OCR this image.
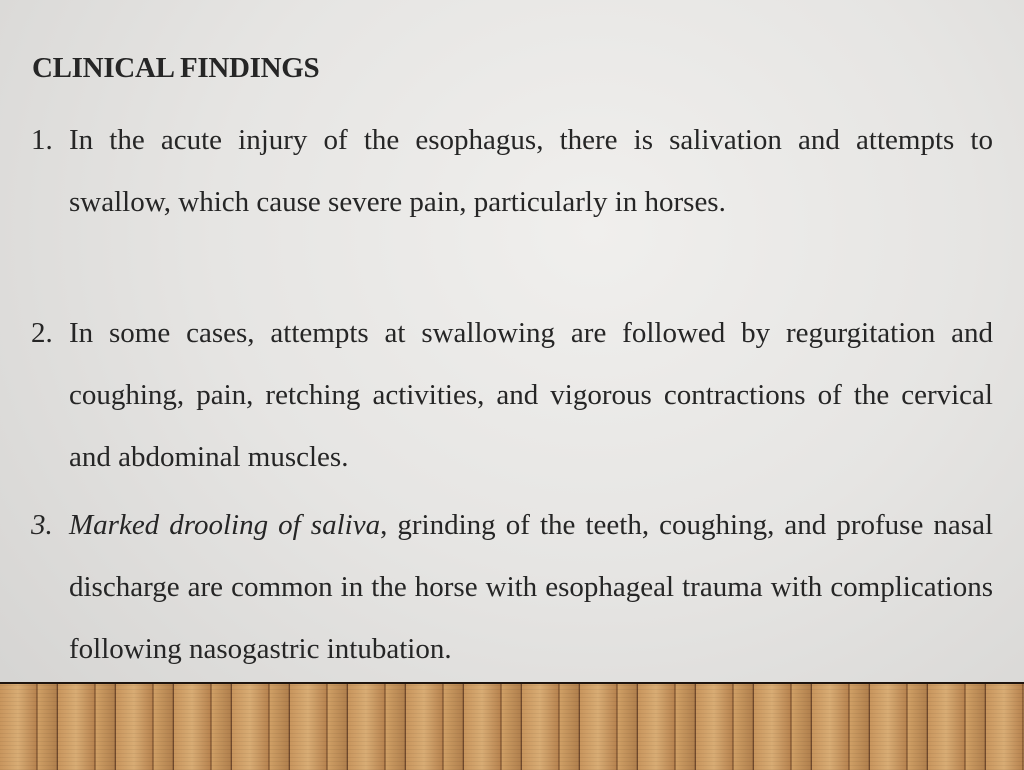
CLINICAL FINDINGS
1. In the acute injury of the esophagus, there is salivation and attempts to swallow, which cause severe pain, particularly in horses.
2. In some cases, attempts at swallowing are followed by regurgitation and coughing, pain, retching activities, and vigorous contractions of the cervical and abdominal muscles.
3. Marked drooling of saliva, grinding of the teeth, coughing, and profuse nasal discharge are common in the horse with esophageal trauma with complications following nasogastric intubation.
